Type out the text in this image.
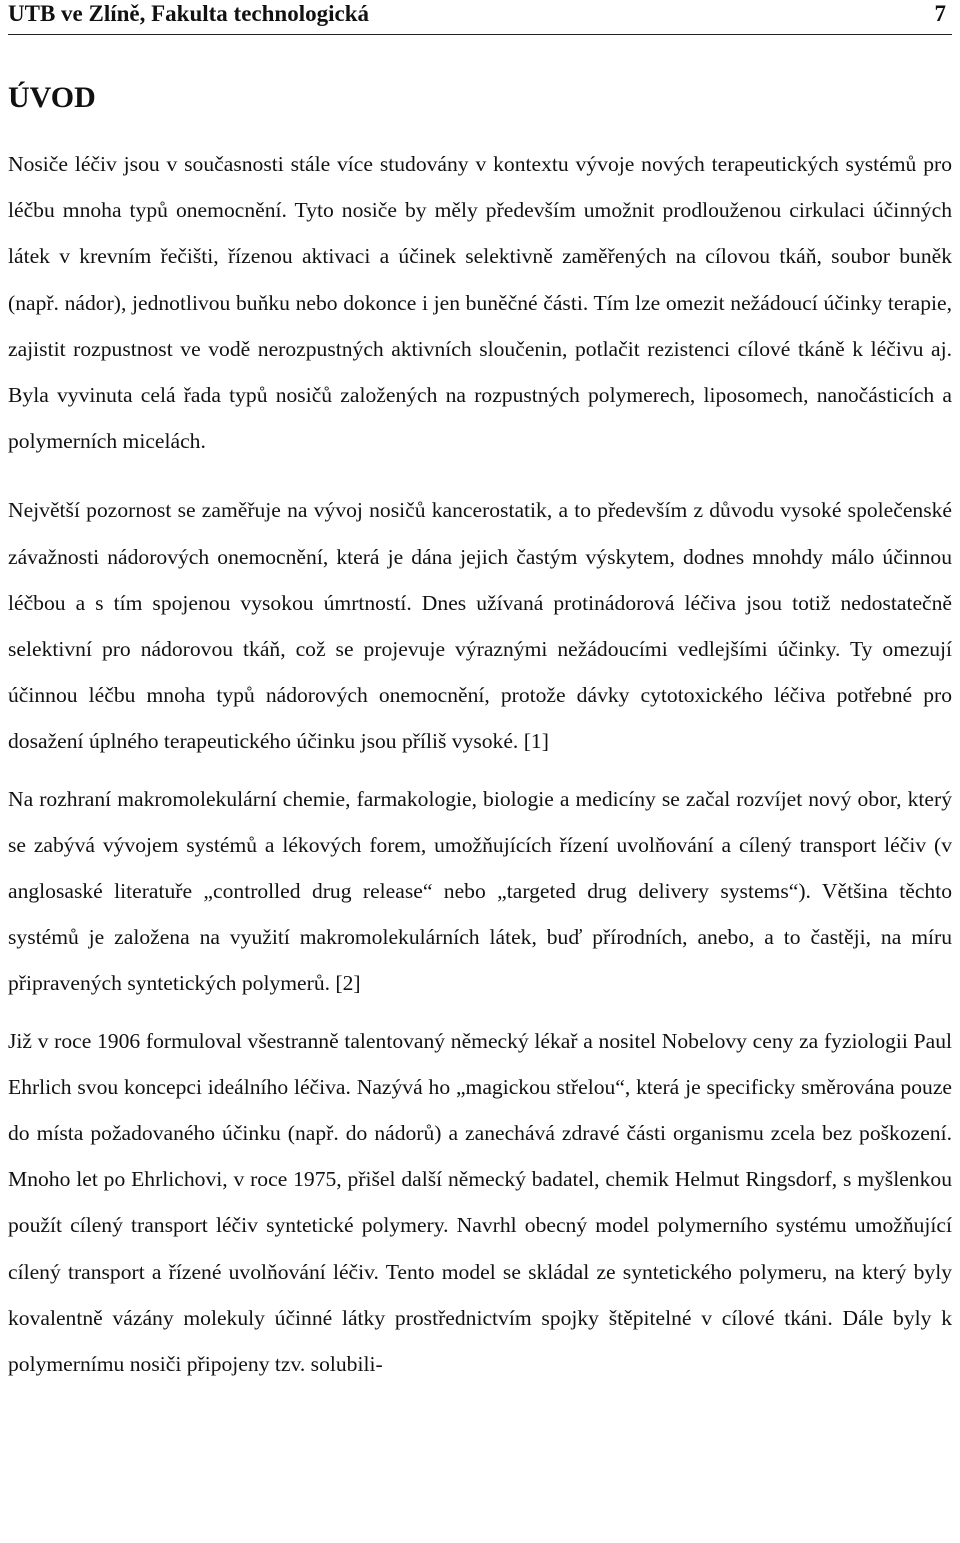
UTB ve Zlíně, Fakulta technologická	7
ÚVOD

Nosiče léčiv jsou v současnosti stále více studovány v kontextu vývoje nových terapeutických systémů pro léčbu mnoha typů onemocnění. Tyto nosiče by měly především umožnit prodlouženou cirkulaci účinných látek v krevním řečišti, řízenou aktivaci a účinek selektivně zaměřených na cílovou tkáň, soubor buněk (např. nádor), jednotlivou buňku nebo dokonce i jen buněčné části. Tím lze omezit nežádoucí účinky terapie, zajistit rozpustnost ve vodě nerozpustných aktivních sloučenin, potlačit rezistenci cílové tkáně k léčivu aj. Byla vyvinuta celá řada typů nosičů založených na rozpustných polymerech, liposomech, nanočásticích a polymerních micelách.

Největší pozornost se zaměřuje na vývoj nosičů kancerostatik, a to především z důvodu vysoké společenské závažnosti nádorových onemocnění, která je dána jejich častým výskytem, dodnes mnohdy málo účinnou léčbou a s tím spojenou vysokou úmrtností. Dnes užívaná protinádorová léčiva jsou totiž nedostatečně selektivní pro nádorovou tkáň, což se projevuje výraznými nežádoucími vedlejšími účinky. Ty omezují účinnou léčbu mnoha typů nádorových onemocnění, protože dávky cytotoxického léčiva potřebné pro dosažení úplného terapeutického účinku jsou příliš vysoké. [1]

Na rozhraní makromolekulární chemie, farmakologie, biologie a medicíny se začal rozvíjet nový obor, který se zabývá vývojem systémů a lékových forem, umožňujících řízení uvolňování a cílený transport léčiv (v anglosaské literatuře „controlled drug release“ nebo „targeted drug delivery systems“). Většina těchto systémů je založena na využití makromolekulárních látek, buď přírodních, anebo, a to častěji, na míru připravených syntetických polymerů. [2]

Již v roce 1906 formuloval všestranně talentovaný německý lékař a nositel Nobelovy ceny za fyziologii Paul Ehrlich svou koncepci ideálního léčiva. Nazývá ho „magickou střelou“, která je specificky směrována pouze do místa požadovaného účinku (např. do nádorů) a zanechává zdravé části organismu zcela bez poškození. Mnoho let po Ehrlichovi, v roce 1975, přišel další německý badatel, chemik Helmut Ringsdorf, s myšlenkou použít cílený transport léčiv syntetické polymery. Navrhl obecný model polymerního systému umožňující cílený transport a řízené uvolňování léčiv. Tento model se skládal ze syntetického polymeru, na který byly kovalentně vázány molekuly účinné látky prostřednictvím spojky štěpitelné v cílové tkáni. Dále byly k polymernímu nosiči připojeny tzv. solubili-
